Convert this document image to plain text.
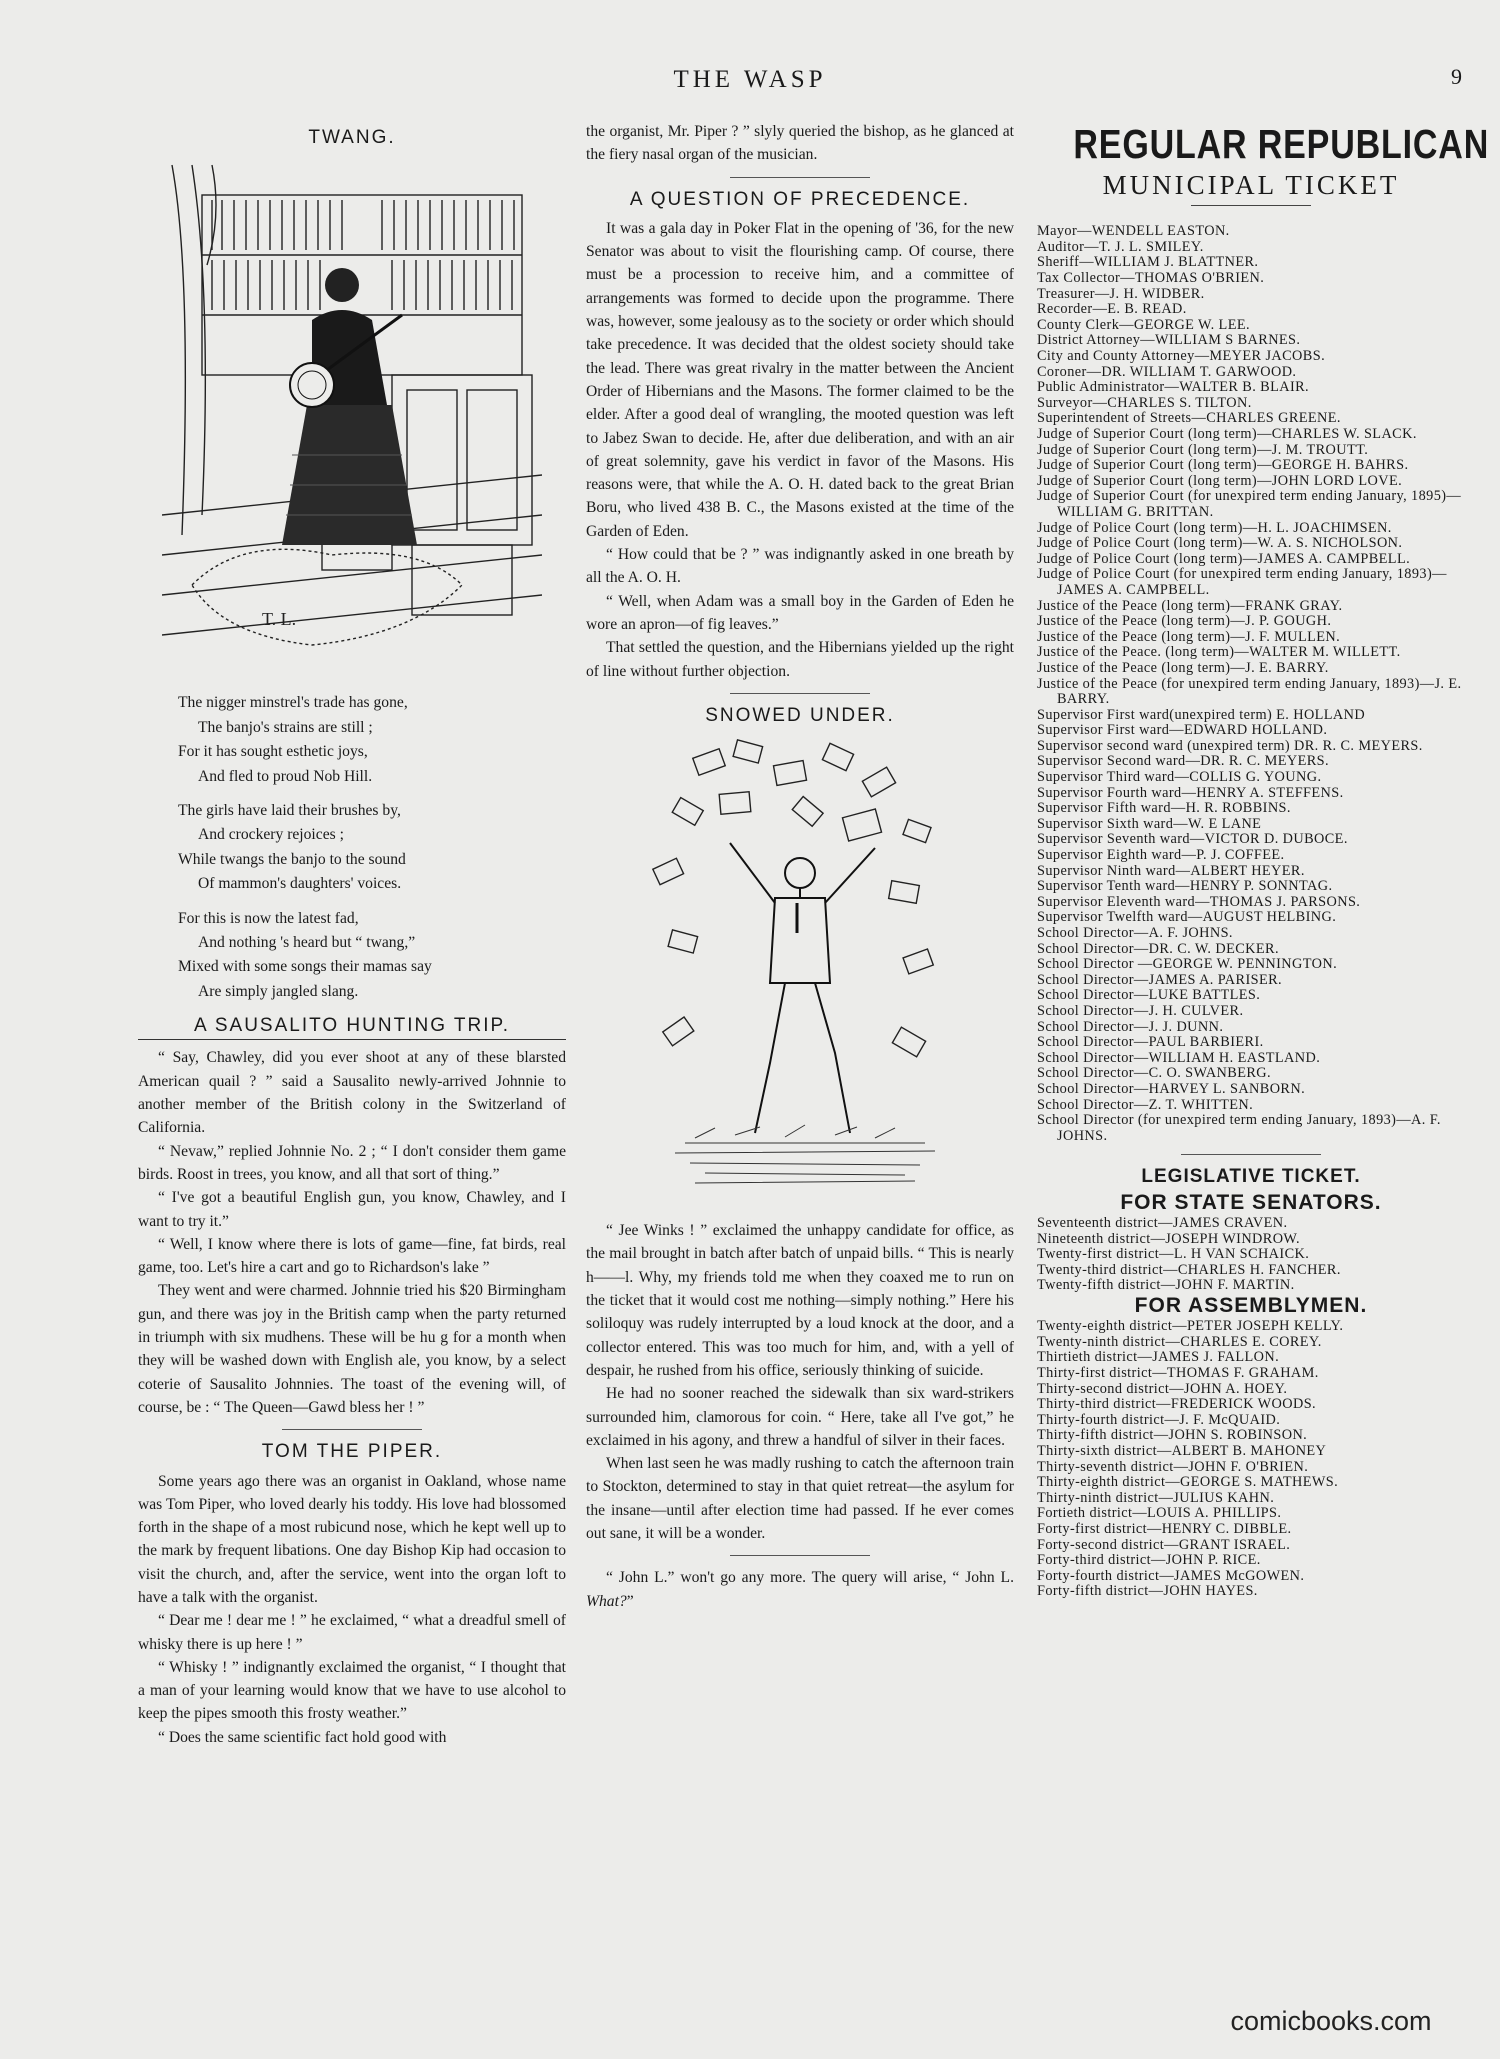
THE WASP	9
TWANG.
T. L.
The nigger minstrel's trade has gone,
The banjo's strains are still ;
For it has sought esthetic joys,
And fled to proud Nob Hill.
The girls have laid their brushes by,
And crockery rejoices ;
While twangs the banjo to the sound
Of mammon's daughters' voices.
For this is now the latest fad,
And nothing 's heard but “ twang,”
Mixed with some songs their mamas say
Are simply jangled slang.
A SAUSALITO HUNTING TRIP.

“ Say, Chawley, did you ever shoot at any of these blarsted American quail ? ” said a Sausalito newly-arrived Johnnie to another member of the British colony in the Switzerland of California.

“ Nevaw,” replied Johnnie No. 2 ; “ I don't consider them game birds. Roost in trees, you know, and all that sort of thing.”

“ I've got a beautiful English gun, you know, Chawley, and I want to try it.”

“ Well, I know where there is lots of game—fine, fat birds, real game, too. Let's hire a cart and go to Richardson's lake ”

They went and were charmed. Johnnie tried his $20 Birmingham gun, and there was joy in the British camp when the party returned in triumph with six mudhens. These will be hu g for a month when they will be washed down with English ale, you know, by a select coterie of Sausalito Johnnies. The toast of the evening will, of course, be : “ The Queen—Gawd bless her ! ”

TOM THE PIPER.

Some years ago there was an organist in Oakland, whose name was Tom Piper, who loved dearly his toddy. His love had blossomed forth in the shape of a most rubicund nose, which he kept well up to the mark by frequent libations. One day Bishop Kip had occasion to visit the church, and, after the service, went into the organ loft to have a talk with the organist.

“ Dear me ! dear me ! ” he exclaimed, “ what a dreadful smell of whisky there is up here ! ”

“ Whisky ! ” indignantly exclaimed the organist, “ I thought that a man of your learning would know that we have to use alcohol to keep the pipes smooth this frosty weather.”

“ Does the same scientific fact hold good with

the organist, Mr. Piper ? ” slyly queried the bishop, as he glanced at the fiery nasal organ of the musician.

A QUESTION OF PRECEDENCE.

It was a gala day in Poker Flat in the opening of '36, for the new Senator was about to visit the flourishing camp. Of course, there must be a procession to receive him, and a committee of arrangements was formed to decide upon the programme. There was, however, some jealousy as to the society or order which should take precedence. It was decided that the oldest society should take the lead. There was great rivalry in the matter between the Ancient Order of Hibernians and the Masons. The former claimed to be the elder. After a good deal of wrangling, the mooted question was left to Jabez Swan to decide. He, after due deliberation, and with an air of great solemnity, gave his verdict in favor of the Masons. His reasons were, that while the A. O. H. dated back to the great Brian Boru, who lived 438 B. C., the Masons existed at the time of the Garden of Eden.

“ How could that be ? ” was indignantly asked in one breath by all the A. O. H.

“ Well, when Adam was a small boy in the Garden of Eden he wore an apron—of fig leaves.”

That settled the question, and the Hibernians yielded up the right of line without further objection.

SNOWED UNDER.

“ Jee Winks ! ” exclaimed the unhappy candidate for office, as the mail brought in batch after batch of unpaid bills. “ This is nearly h——l. Why, my friends told me when they coaxed me to run on the ticket that it would cost me nothing—simply nothing.” Here his soliloquy was rudely interrupted by a loud knock at the door, and a collector entered. This was too much for him, and, with a yell of despair, he rushed from his office, seriously thinking of suicide.

He had no sooner reached the sidewalk than six ward-strikers surrounded him, clamorous for coin. “ Here, take all I've got,” he exclaimed in his agony, and threw a handful of silver in their faces.

When last seen he was madly rushing to catch the afternoon train to Stockton, determined to stay in that quiet retreat—the asylum for the insane—until after election time had passed. If he ever comes out sane, it will be a wonder.

“ John L.” won't go any more. The query will arise, “ John L. What?”

REGULAR REPUBLICAN
MUNICIPAL TICKET
Mayor—WENDELL EASTON.
Auditor—T. J. L. SMILEY.
Sheriff—WILLIAM J. BLATTNER.
Tax Collector—THOMAS O'BRIEN.
Treasurer—J. H. WIDBER.
Recorder—E. B. READ.
County Clerk—GEORGE W. LEE.
District Attorney—WILLIAM S BARNES.
City and County Attorney—MEYER JACOBS.
Coroner—DR. WILLIAM T. GARWOOD.
Public Administrator—WALTER B. BLAIR.
Surveyor—CHARLES S. TILTON.
Superintendent of Streets—CHARLES GREENE.
Judge of Superior Court (long term)—CHARLES W. SLACK.
Judge of Superior Court (long term)—J. M. TROUTT.
Judge of Superior Court (long term)—GEORGE H. BAHRS.
Judge of Superior Court (long term)—JOHN LORD LOVE.
Judge of Superior Court (for unexpired term ending January, 1895)—WILLIAM G. BRITTAN.
Judge of Police Court (long term)—H. L. JOACHIMSEN.
Judge of Police Court (long term)—W. A. S. NICHOLSON.
Judge of Police Court (long term)—JAMES A. CAMPBELL.
Judge of Police Court (for unexpired term ending January, 1893)—JAMES A. CAMPBELL.
Justice of the Peace (long term)—FRANK GRAY.
Justice of the Peace (long term)—J. P. GOUGH.
Justice of the Peace (long term)—J. F. MULLEN.
Justice of the Peace. (long term)—WALTER M. WILLETT.
Justice of the Peace (long term)—J. E. BARRY.
Justice of the Peace (for unexpired term ending January, 1893)—J. E. BARRY.
Supervisor First ward(unexpired term) E. HOLLAND
Supervisor First ward—EDWARD HOLLAND.
Supervisor second ward (unexpired term) DR. R. C. MEYERS.
Supervisor Second ward—DR. R. C. MEYERS.
Supervisor Third ward—COLLIS G. YOUNG.
Supervisor Fourth ward—HENRY A. STEFFENS.
Supervisor Fifth ward—H. R. ROBBINS.
Supervisor Sixth ward—W. E LANE
Supervisor Seventh ward—VICTOR D. DUBOCE.
Supervisor Eighth ward—P. J. COFFEE.
Supervisor Ninth ward—ALBERT HEYER.
Supervisor Tenth ward—HENRY P. SONNTAG.
Supervisor Eleventh ward—THOMAS J. PARSONS.
Supervisor Twelfth ward—AUGUST HELBING.
School Director—A. F. JOHNS.
School Director—DR. C. W. DECKER.
School Director —GEORGE W. PENNINGTON.
School Director—JAMES A. PARISER.
School Director—LUKE BATTLES.
School Director—J. H. CULVER.
School Director—J. J. DUNN.
School Director—PAUL BARBIERI.
School Director—WILLIAM H. EASTLAND.
School Director—C. O. SWANBERG.
School Director—HARVEY L. SANBORN.
School Director—Z. T. WHITTEN.
School Director (for unexpired term ending January, 1893)—A. F. JOHNS.
LEGISLATIVE TICKET.
FOR STATE SENATORS.
Seventeenth district—JAMES CRAVEN.
Nineteenth district—JOSEPH WINDROW.
Twenty-first district—L. H VAN SCHAICK.
Twenty-third district—CHARLES H. FANCHER.
Twenty-fifth district—JOHN F. MARTIN.
FOR ASSEMBLYMEN.
Twenty-eighth district—PETER JOSEPH KELLY.
Twenty-ninth district—CHARLES E. COREY.
Thirtieth district—JAMES J. FALLON.
Thirty-first district—THOMAS F. GRAHAM.
Thirty-second district—JOHN A. HOEY.
Thirty-third district—FREDERICK WOODS.
Thirty-fourth district—J. F. McQUAID.
Thirty-fifth district—JOHN S. ROBINSON.
Thirty-sixth district—ALBERT B. MAHONEY
Thirty-seventh district—JOHN F. O'BRIEN.
Thirty-eighth district—GEORGE S. MATHEWS.
Thirty-ninth district—JULIUS KAHN.
Fortieth district—LOUIS A. PHILLIPS.
Forty-first district—HENRY C. DIBBLE.
Forty-second district—GRANT ISRAEL.
Forty-third district—JOHN P. RICE.
Forty-fourth district—JAMES McGOWEN.
Forty-fifth district—JOHN HAYES.
comicbooks.com
